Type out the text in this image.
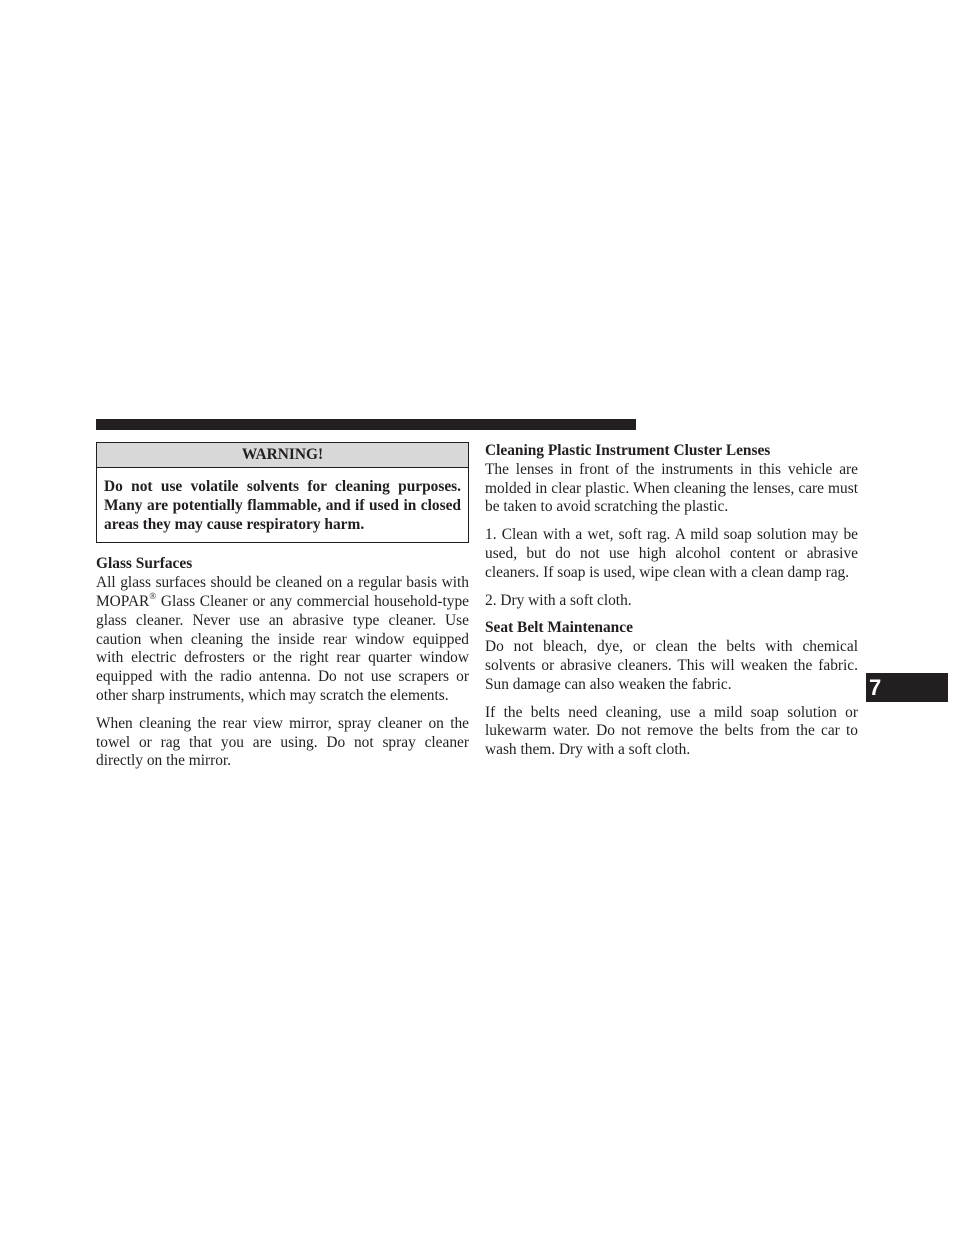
WARNING!
Do not use volatile solvents for cleaning purposes. Many are potentially flammable, and if used in closed areas they may cause respiratory harm.
Glass Surfaces

All glass surfaces should be cleaned on a regular basis with MOPAR® Glass Cleaner or any commercial household-type glass cleaner. Never use an abrasive type cleaner. Use caution when cleaning the inside rear window equipped with electric defrosters or the right rear quarter window equipped with the radio antenna. Do not use scrapers or other sharp instruments, which may scratch the elements.

When cleaning the rear view mirror, spray cleaner on the towel or rag that you are using. Do not spray cleaner directly on the mirror.

Cleaning Plastic Instrument Cluster Lenses

The lenses in front of the instruments in this vehicle are molded in clear plastic. When cleaning the lenses, care must be taken to avoid scratching the plastic.

1. Clean with a wet, soft rag. A mild soap solution may be used, but do not use high alcohol content or abrasive cleaners. If soap is used, wipe clean with a clean damp rag.

2. Dry with a soft cloth.

Seat Belt Maintenance

Do not bleach, dye, or clean the belts with chemical solvents or abrasive cleaners. This will weaken the fabric. Sun damage can also weaken the fabric.

If the belts need cleaning, use a mild soap solution or lukewarm water. Do not remove the belts from the car to wash them. Dry with a soft cloth.

7
